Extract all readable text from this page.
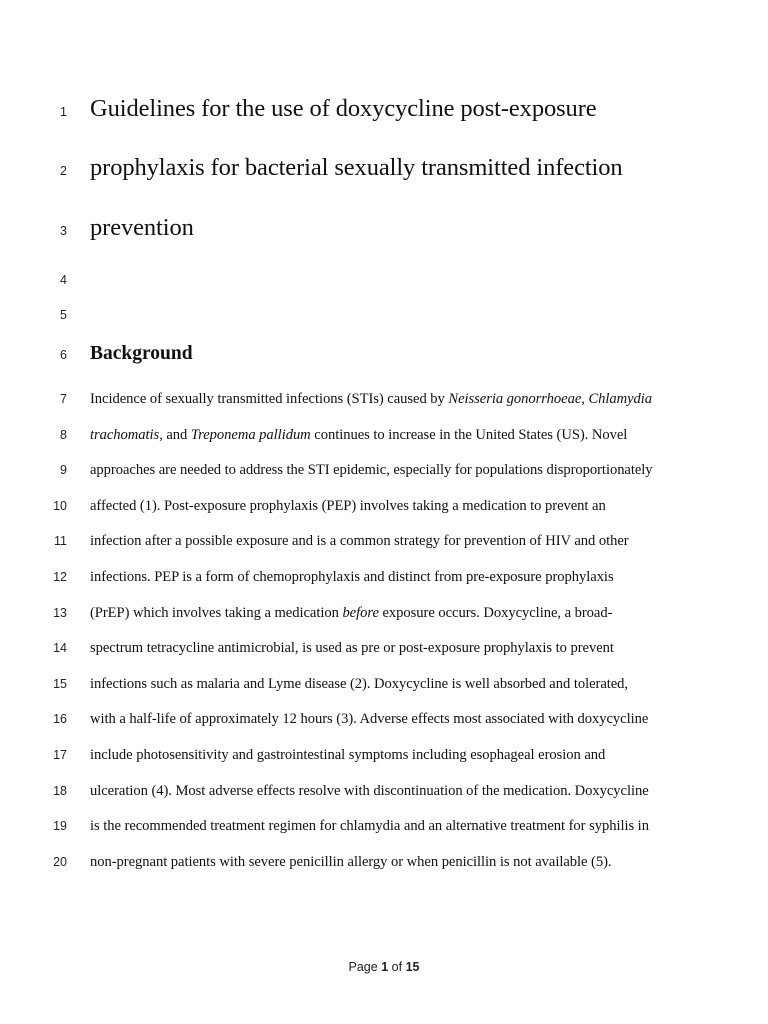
1 Guidelines for the use of doxycycline post-exposure
2 prophylaxis for bacterial sexually transmitted infection
3 prevention
4
5
6 Background
7 Incidence of sexually transmitted infections (STIs) caused by Neisseria gonorrhoeae, Chlamydia
8 trachomatis, and Treponema pallidum continues to increase in the United States (US). Novel
9 approaches are needed to address the STI epidemic, especially for populations disproportionately
10 affected (1). Post-exposure prophylaxis (PEP) involves taking a medication to prevent an
11 infection after a possible exposure and is a common strategy for prevention of HIV and other
12 infections. PEP is a form of chemoprophylaxis and distinct from pre-exposure prophylaxis
13 (PrEP) which involves taking a medication before exposure occurs. Doxycycline, a broad-
14 spectrum tetracycline antimicrobial, is used as pre or post-exposure prophylaxis to prevent
15 infections such as malaria and Lyme disease (2). Doxycycline is well absorbed and tolerated,
16 with a half-life of approximately 12 hours (3). Adverse effects most associated with doxycycline
17 include photosensitivity and gastrointestinal symptoms including esophageal erosion and
18 ulceration (4). Most adverse effects resolve with discontinuation of the medication. Doxycycline
19 is the recommended treatment regimen for chlamydia and an alternative treatment for syphilis in
20 non-pregnant patients with severe penicillin allergy or when penicillin is not available (5).
Page 1 of 15
